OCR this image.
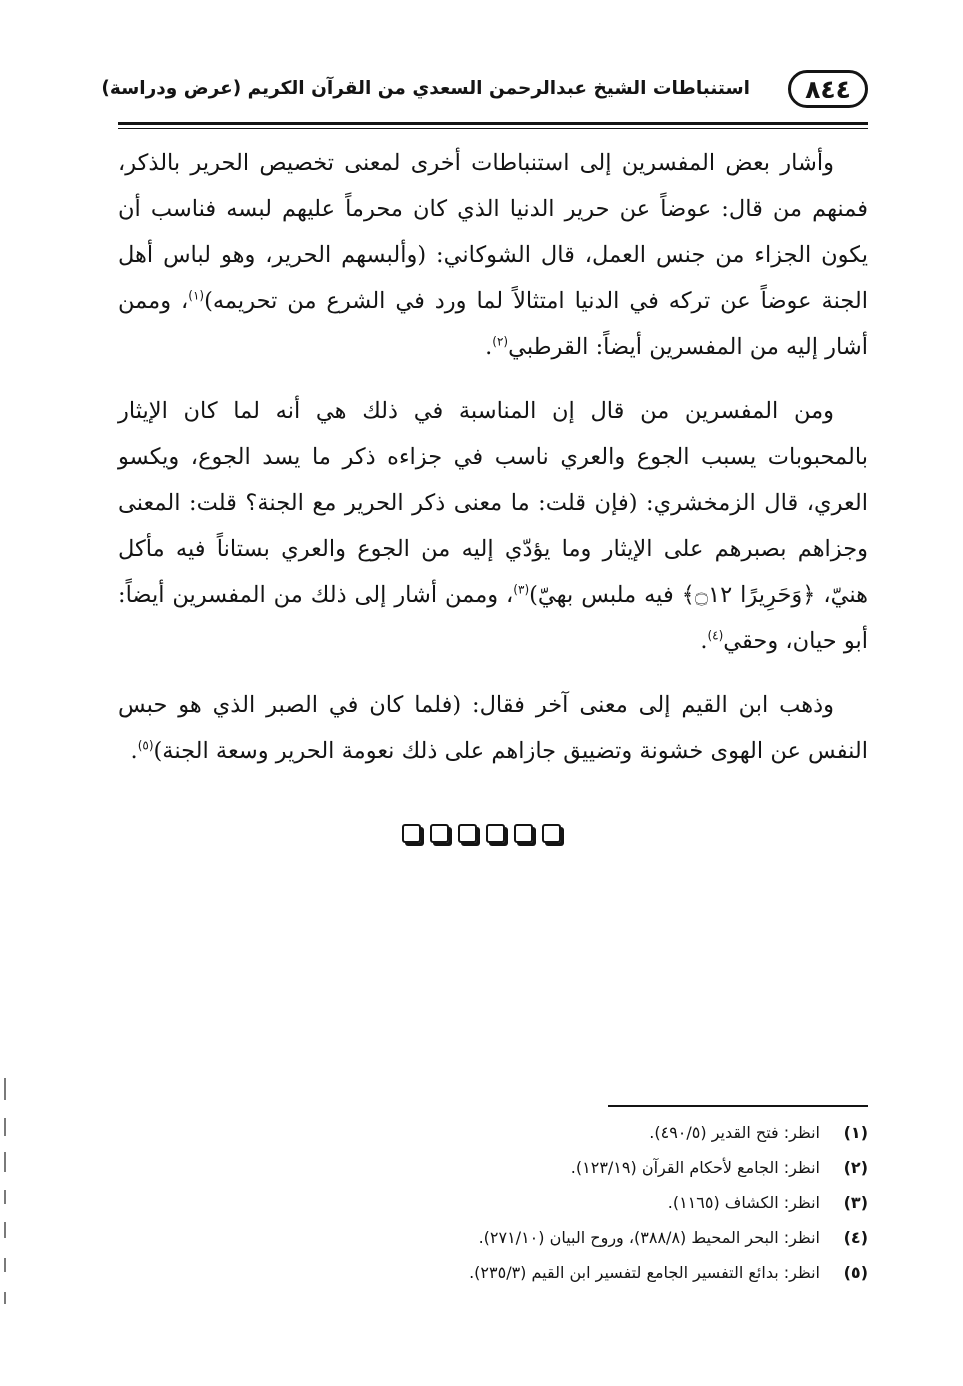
٨٤٤
استنباطات الشيخ عبدالرحمن السعدي من القرآن الكريم (عرض ودراسة)

وأشار بعض المفسرين إلى استنباطات أخرى لمعنى تخصيص الحرير بالذكر، فمنهم من قال: عوضاً عن حرير الدنيا الذي كان محرماً عليهم لبسه فناسب أن يكون الجزاء من جنس العمل، قال الشوكاني: (وألبسهم الحرير، وهو لباس أهل الجنة عوضاً عن تركه في الدنيا امتثالاً لما ورد في الشرع من تحريمه)$^{(١)}$، وممن أشار إليه من المفسرين أيضاً: القرطبي$^{(٢)}$.

ومن المفسرين من قال إن المناسبة في ذلك هي أنه لما كان الإيثار بالمحبوبات يسبب الجوع والعري ناسب في جزاءه ذكر ما يسد الجوع، ويكسو العري، قال الزمخشري: (فإن قلت: ما معنى ذكر الحرير مع الجنة؟ قلت: المعنى وجزاهم بصبرهم على الإيثار وما يؤدّي إليه من الجوع والعري بستاناً فيه مأكل هنيّ، ﴿وَحَرِيرًا ۝١٢﴾ فيه ملبس بهيّ)$^{(٣)}$، وممن أشار إلى ذلك من المفسرين أيضاً: أبو حيان، وحقي$^{(٤)}$.

وذهب ابن القيم إلى معنى آخر فقال: (فلما كان في الصبر الذي هو حبس النفس عن الهوى خشونة وتضييق جازاهم على ذلك نعومة الحرير وسعة الجنة)$^{(٥)}$.

(١)
انظر: فتح القدير (٤٩٠/٥).
(٢)
انظر: الجامع لأحكام القرآن (١٢٣/١٩).
(٣)
انظر: الكشاف (١١٦٥).
(٤)
انظر: البحر المحيط (٣٨٨/٨)، وروح البيان (٢٧١/١٠).
(٥)
انظر: بدائع التفسير الجامع لتفسير ابن القيم (٢٣٥/٣).
